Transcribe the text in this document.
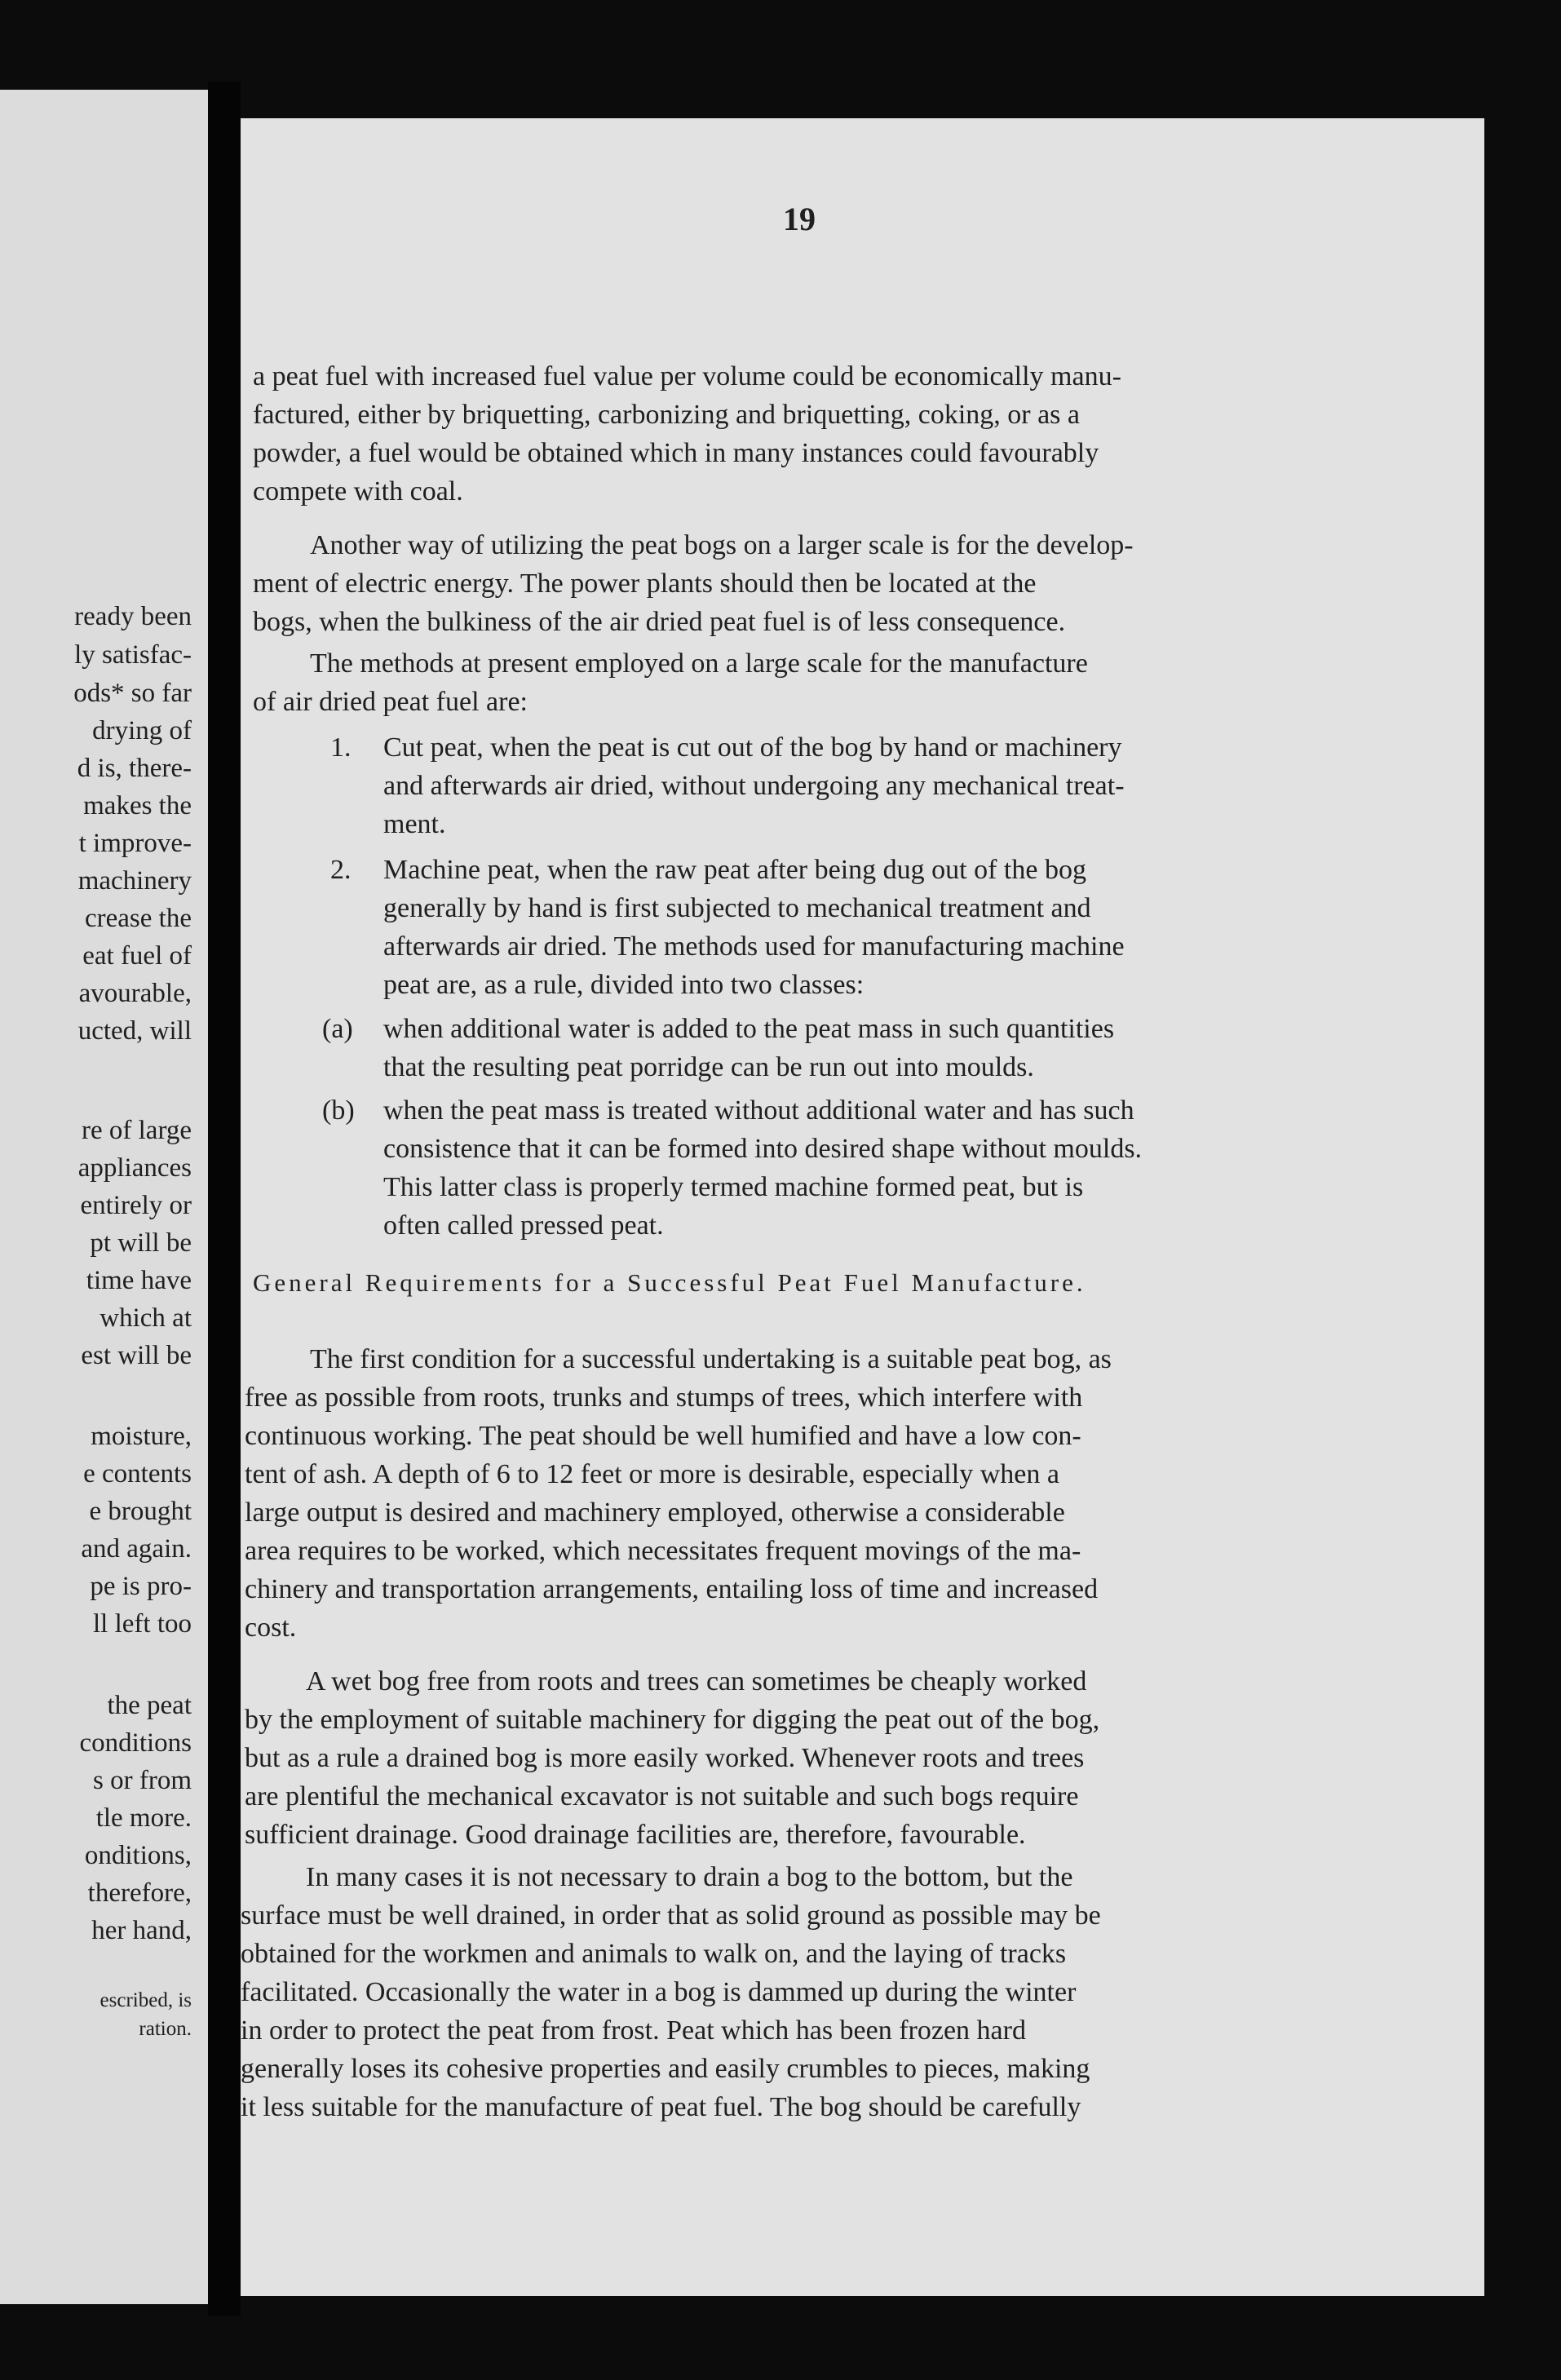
ready been
ly satisfac-
ods* so far
drying of
d is, there-
makes the
t improve-
machinery
crease the
eat fuel of
avourable,
ucted, will
re of large
appliances
entirely or
pt will be
time have
which at
est will be
moisture,
e contents
e brought
and again.
pe is pro-
ll left too
the peat
conditions
s or from
tle more.
onditions,
therefore,
her hand,
escribed, is
ration.
19
a peat fuel with increased fuel value per volume could be economically manu-
factured, either by briquetting, carbonizing and briquetting, coking, or as a
powder, a fuel would be obtained which in many instances could favourably
compete with coal.
Another way of utilizing the peat bogs on a larger scale is for the develop-
ment of electric energy. The power plants should then be located at the
bogs, when the bulkiness of the air dried peat fuel is of less consequence.
The methods at present employed on a large scale for the manufacture
of air dried peat fuel are:
1. Cut peat, when the peat is cut out of the bog by hand or machinery
and afterwards air dried, without undergoing any mechanical treat-
ment.
2. Machine peat, when the raw peat after being dug out of the bog
generally by hand is first subjected to mechanical treatment and
afterwards air dried. The methods used for manufacturing machine
peat are, as a rule, divided into two classes:
(a) when additional water is added to the peat mass in such quantities
that the resulting peat porridge can be run out into moulds.
(b) when the peat mass is treated without additional water and has such
consistence that it can be formed into desired shape without moulds.
This latter class is properly termed machine formed peat, but is
often called pressed peat.
General Requirements for a Successful Peat Fuel Manufacture.
The first condition for a successful undertaking is a suitable peat bog, as
free as possible from roots, trunks and stumps of trees, which interfere with
continuous working. The peat should be well humified and have a low con-
tent of ash. A depth of 6 to 12 feet or more is desirable, especially when a
large output is desired and machinery employed, otherwise a considerable
area requires to be worked, which necessitates frequent movings of the ma-
chinery and transportation arrangements, entailing loss of time and increased
cost.
A wet bog free from roots and trees can sometimes be cheaply worked
by the employment of suitable machinery for digging the peat out of the bog,
but as a rule a drained bog is more easily worked. Whenever roots and trees
are plentiful the mechanical excavator is not suitable and such bogs require
sufficient drainage. Good drainage facilities are, therefore, favourable.
In many cases it is not necessary to drain a bog to the bottom, but the
surface must be well drained, in order that as solid ground as possible may be
obtained for the workmen and animals to walk on, and the laying of tracks
facilitated. Occasionally the water in a bog is dammed up during the winter
in order to protect the peat from frost. Peat which has been frozen hard
generally loses its cohesive properties and easily crumbles to pieces, making
it less suitable for the manufacture of peat fuel. The bog should be carefully
